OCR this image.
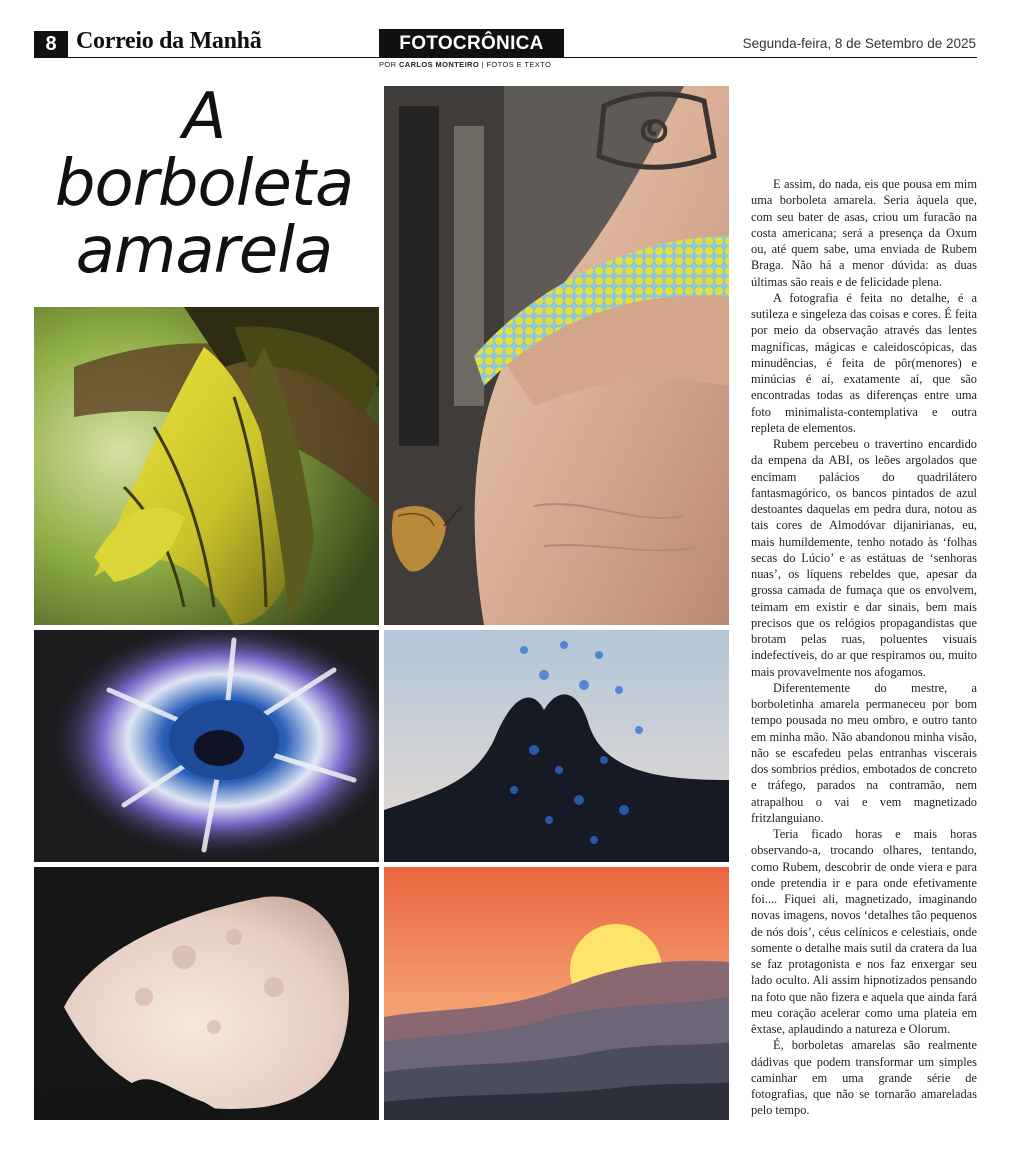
8 Correio da Manhã	FOTOCRÔNICA
POR CARLOS MONTEIRO | FOTOS E TEXTO
Segunda-feira, 8 de Setembro de 2025
A
borboleta
amarela

E assim, do nada, eis que pousa em mim uma borboleta amarela. Seria àquela que, com seu bater de asas, criou um furacão na costa americana; será a presença da Oxum ou, até quem sabe, uma enviada de Rubem Braga. Não há a menor dúvida: as duas últimas são reais e de felicidade plena.

A fotografia é feita no detalhe, é a sutileza e singeleza das coisas e cores. É feita por meio da observação através das lentes magníficas, mágicas e caleidoscópicas, das minudências, é feita de pôr(menores) e minúcias é aí, exatamente aí, que são encontradas todas as diferenças entre uma foto minimalista-contemplativa e outra repleta de elementos.

Rubem percebeu o travertino encardido da empena da ABI, os leões argolados que encimam palácios do quadrilátero fantasmagórico, os bancos pintados de azul destoantes daquelas em pedra dura, notou as tais cores de Almodóvar dijanirianas, eu, mais humildemente, tenho notado às ‘folhas secas do Lúcio’ e as estátuas de ‘senhoras nuas’, os líquens rebeldes que, apesar da grossa camada de fumaça que os envolvem, teimam em existir e dar sinais, bem mais precisos que os relógios propagandistas que brotam pelas ruas, poluentes visuais indefectíveis, do ar que respiramos ou, muito mais provavelmente nos afogamos.

Diferentemente do mestre, a borboletinha amarela permaneceu por bom tempo pousada no meu ombro, e outro tanto em minha mão. Não abandonou minha visão, não se escafedeu pelas entranhas viscerais dos sombrios prédios, embotados de concreto e tráfego, parados na contramão, nem atrapalhou o vai e vem magnetizado fritzlanguiano.

Teria ficado horas e mais horas observando-a, trocando olhares, tentando, como Rubem, descobrir de onde viera e para onde pretendia ir e para onde efetivamente foi.... Fiquei ali, magnetizado, imaginando novas imagens, novos ‘detalhes tão pequenos de nós dois’, céus celínicos e celestiais, onde somente o detalhe mais sutil da cratera da lua se faz protagonista e nos faz enxergar seu lado oculto. Ali assim hipnotizados pensando na foto que não fizera e aquela que ainda fará meu coração acelerar como uma plateia em êxtase, aplaudindo a natureza e Olorum.

É, borboletas amarelas são realmente dádivas que podem transformar um simples caminhar em uma grande série de fotografias, que não se tornarão amareladas pelo tempo.
